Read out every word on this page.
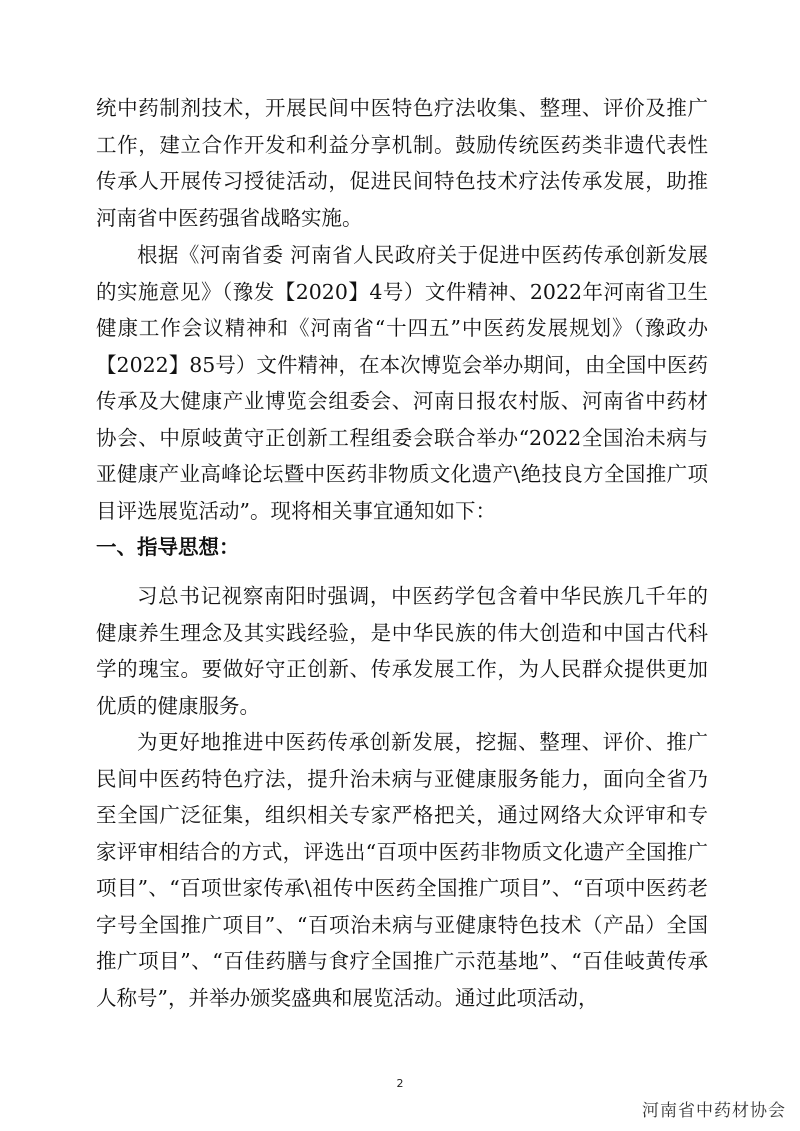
统中药制剂技术，开展民间中医特色疗法收集、整理、评价及推广工作，建立合作开发和利益分享机制。鼓励传统医药类非遗代表性传承人开展传习授徒活动，促进民间特色技术疗法传承发展，助推河南省中医药强省战略实施。

根据《河南省委 河南省人民政府关于促进中医药传承创新发展的实施意见》（豫发【2020】4号）文件精神、2022年河南省卫生健康工作会议精神和《河南省“十四五”中医药发展规划》（豫政办【2022】85号）文件精神，在本次博览会举办期间，由全国中医药传承及大健康产业博览会组委会、河南日报农村版、河南省中药材协会、中原岐黄守正创新工程组委会联合举办“2022全国治未病与亚健康产业高峰论坛暨中医药非物质文化遗产\绝技良方全国推广项目评选展览活动”。现将相关事宜通知如下：

一、指导思想：

习总书记视察南阳时强调，中医药学包含着中华民族几千年的健康养生理念及其实践经验，是中华民族的伟大创造和中国古代科学的瑰宝。要做好守正创新、传承发展工作，为人民群众提供更加优质的健康服务。

为更好地推进中医药传承创新发展，挖掘、整理、评价、推广民间中医药特色疗法，提升治未病与亚健康服务能力，面向全省乃至全国广泛征集，组织相关专家严格把关，通过网络大众评审和专家评审相结合的方式，评选出“百项中医药非物质文化遗产全国推广项目”、“百项世家传承\祖传中医药全国推广项目”、“百项中医药老字号全国推广项目”、“百项治未病与亚健康特色技术（产品）全国推广项目”、“百佳药膳与食疗全国推广示范基地”、“百佳岐黄传承人称号”，并举办颁奖盛典和展览活动。通过此项活动，

2
河南省中药材协会
